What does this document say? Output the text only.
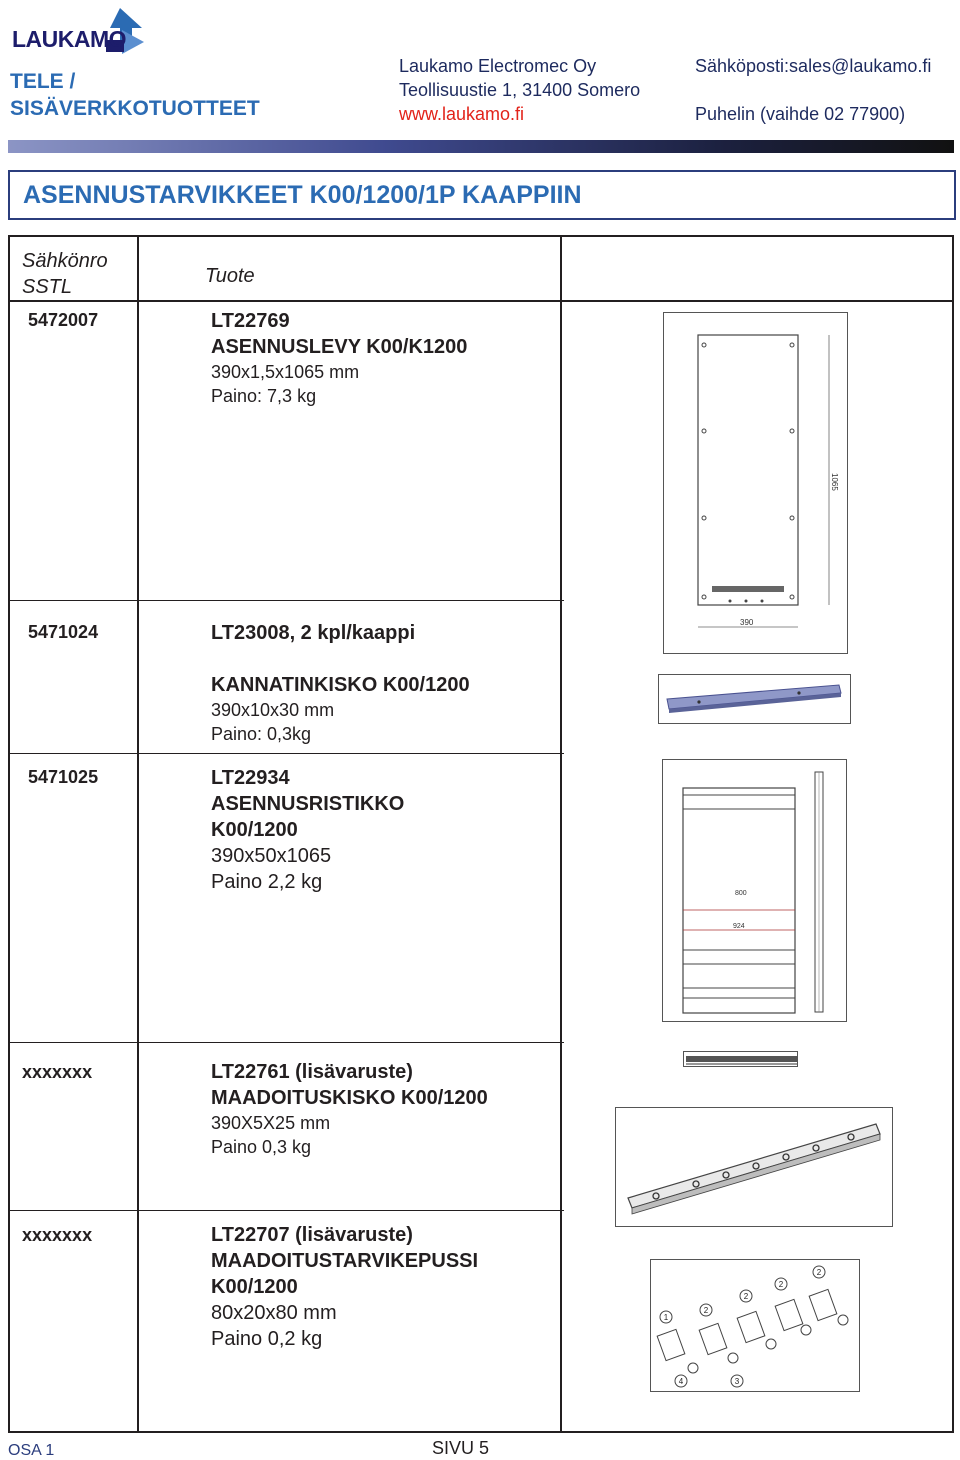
LAUKAMO
TELE /
SISÄVERKKOTUOTTEET
Laukamo Electromec Oy
Teollisuustie 1, 31400 Somero
www.laukamo.fi
Sähköposti:sales@laukamo.fi
Puhelin (vaihde 02 77900)
ASENNUSTARVIKKEET K00/1200/1P KAAPPIIN
Sähkönro
SSTL	Tuote
5472007	LT22769
ASENNUSLEVY K00/K1200
390x1,5x1065 mm
Paino: 7,3 kg
5471024	LT23008, 2 kpl/kaappi
KANNATINKISKO K00/1200
390x10x30 mm
Paino: 0,3kg
5471025	LT22934
ASENNUSRISTIKKO
K00/1200
390x50x1065
Paino 2,2 kg
xxxxxxx	LT22761 (lisävaruste)
MAADOITUSKISKO K00/1200
390X5X25 mm
Paino 0,3 kg
xxxxxxx	LT22707 (lisävaruste)
MAADOITUSTARVIKEPUSSI
K00/1200
80x20x80 mm
Paino 0,2 kg
1065
390
800
924
1
2
2
2
2
4	3
OSA 1	SIVU 5
